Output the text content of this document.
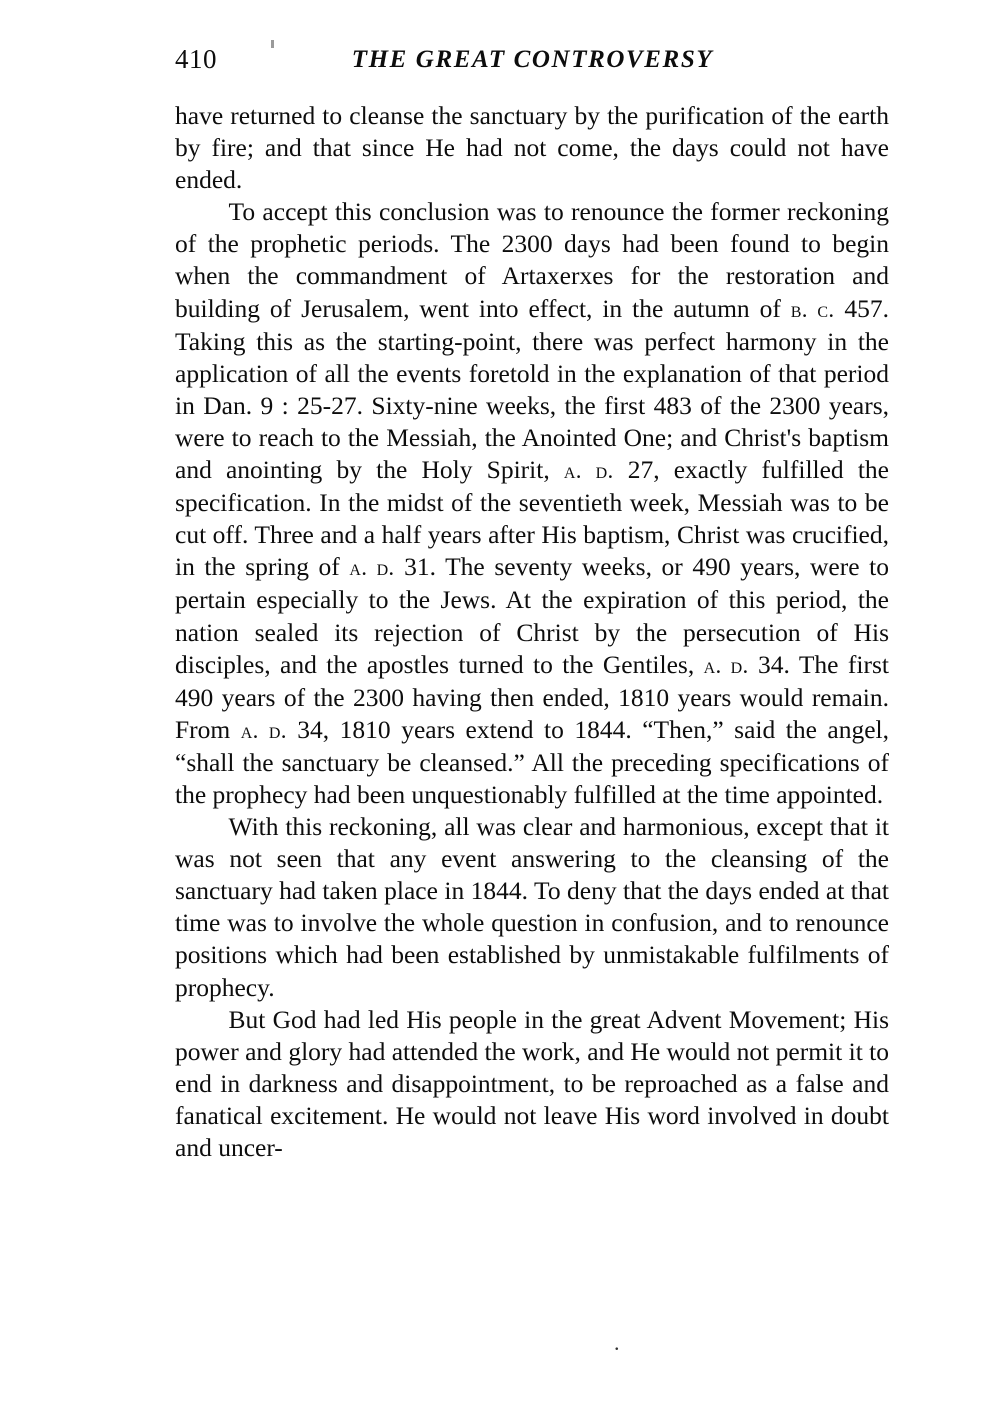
410	THE GREAT CONTROVERSY

have returned to cleanse the sanctuary by the purification of the earth by fire; and that since He had not come, the days could not have ended.

To accept this conclusion was to renounce the former reckoning of the prophetic periods. The 2300 days had been found to begin when the commandment of Artaxerxes for the restoration and building of Jerusalem, went into effect, in the autumn of b. c. 457. Taking this as the starting-point, there was perfect harmony in the application of all the events foretold in the explanation of that period in Dan. 9 : 25-27. Sixty-nine weeks, the first 483 of the 2300 years, were to reach to the Messiah, the Anointed One; and Christ's baptism and anointing by the Holy Spirit, a. d. 27, exactly fulfilled the specification. In the midst of the seventieth week, Messiah was to be cut off. Three and a half years after His baptism, Christ was crucified, in the spring of a. d. 31. The seventy weeks, or 490 years, were to pertain especially to the Jews. At the expiration of this period, the nation sealed its rejection of Christ by the persecution of His disciples, and the apostles turned to the Gentiles, a. d. 34. The first 490 years of the 2300 having then ended, 1810 years would remain. From a. d. 34, 1810 years extend to 1844. “Then,” said the angel, “shall the sanctuary be cleansed.” All the preceding specifications of the prophecy had been unquestionably fulfilled at the time appointed.

With this reckoning, all was clear and harmonious, except that it was not seen that any event answering to the cleansing of the sanctuary had taken place in 1844. To deny that the days ended at that time was to involve the whole question in confusion, and to renounce positions which had been established by unmistakable fulfilments of prophecy.

But God had led His people in the great Advent Movement; His power and glory had attended the work, and He would not permit it to end in darkness and disappointment, to be reproached as a false and fanatical excitement. He would not leave His word involved in doubt and uncer-

.
